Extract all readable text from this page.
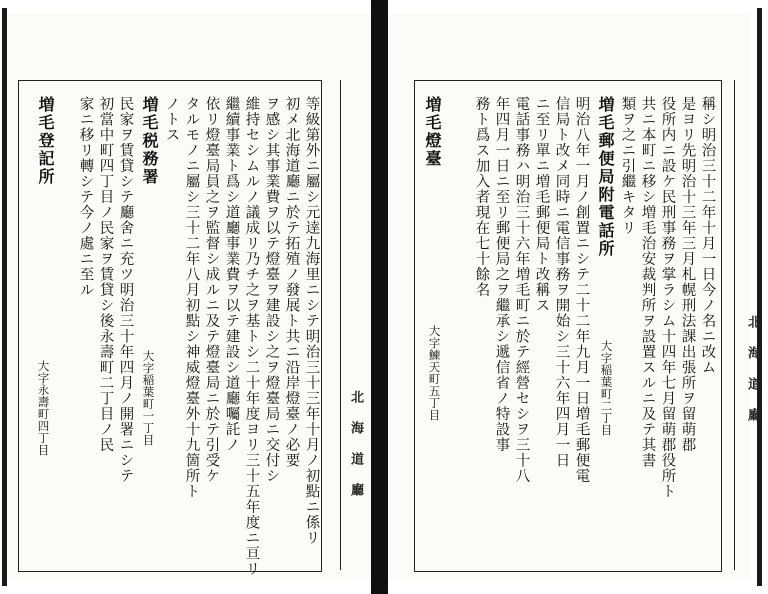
北海道廳
北海道廳
稱シ明治三十二年十月一日今ノ名ニ改ム
是ヨリ先明治十三年三月札幌刑法課出張所ヲ留萌郡
役所内ニ設ケ民刑事務ヲ掌ラシム十四年七月留萌郡役所ト
共ニ本町ニ移シ増毛治安裁判所ヲ設置スルニ及テ其書
類ヲ之ニ引繼キタリ
増毛郵便局附電話所
明治八年一月ノ創置ニシテ二十二年九月一日増毛郵便電
信局ト改メ同時ニ電信事務ヲ開始シ三十六年四月一日
ニ至リ單ニ増毛郵便局ト改稱ス
電話事務ハ明治三十六年増毛町ニ於テ經營セシヲ三十八
年四月一日ニ至リ郵便局之ヲ繼承シ遞信省ノ特設事
務ト爲ス加入者現在七十餘名
大字稲葉町二丁目
増毛燈臺
大字鰊天町五丁目
等級第外ニ屬シ元逹九海里ニシテ明治三十三年十月ノ初點ニ係リ
初メ北海道廳ニ於テ拓殖ノ發展ト共ニ沿岸燈臺ノ必要
ヲ感シ其事業費ヲ以テ燈臺ヲ建設シ之ヲ燈臺局ニ交付シ
維持セシムルノ議成リ乃チ之ヲ基トシ二十年度ヨリ三十五年度ニ亘リ
繼續事業ト爲シ道廳事業費ヲ以テ建設シ道廳囑託ノ
依リ燈臺局員之ヲ監督シ成ルニ及テ燈臺局ニ於テ引受ケ
タルモノニ屬シ三十二年八月初點シ神威燈臺外十九箇所ト
ノトス
増毛税務署
民家ヲ賃貸シテ廳舍ニ充ツ明治三十年四月ノ開署ニシテ
初當中町四丁目ノ民家ヲ賃貸シ後永壽町二丁目ノ民
家ニ移リ轉シテ今ノ處ニ至ル
大字稲葉町一丁目
増毛登記所
大字永壽町四丁目
